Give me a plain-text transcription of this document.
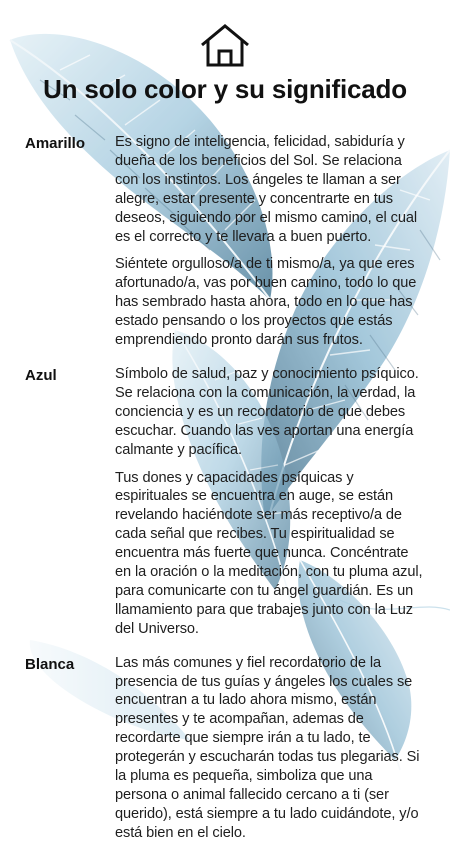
Un solo color y su significado
Amarillo	Es signo de inteligencia, felicidad, sabiduría y dueña de los beneficios del Sol. Se relaciona con los instintos. Los ángeles te llaman a ser alegre, estar presente y concentrarte en tus deseos, siguiendo por el mismo camino, el cual es el correcto y te llevara a buen puerto.

Siéntete orgulloso/a de ti mismo/a, ya que eres afortunado/a, vas por buen camino, todo lo que has sembrado hasta ahora, todo en lo que has estado pensando o los proyectos que estás emprendiendo pronto darán sus frutos.

Azul	Símbolo de salud, paz y conocimiento psíquico. Se relaciona con la comunicación, la verdad, la conciencia y es un recordatorio de que debes escuchar. Cuando las ves aportan una energía calmante y pacífica.

Tus dones y capacidades psíquicas y espirituales se encuentra en auge, se están revelando haciéndote ser más receptivo/a de cada señal que recibes. Tu espiritualidad se encuentra más fuerte que nunca. Concéntrate en la oración o la meditación, con tu pluma azul, para comunicarte con tu ángel guardián. Es un llamamiento para que trabajes junto con la Luz del Universo.

Blanca	Las más comunes y fiel recordatorio de la presencia de tus guías y ángeles los cuales se encuentran a tu lado ahora mismo, están presentes y te acompañan, ademas de recordarte que siempre irán a tu lado, te protegerán y escucharán todas tus plegarias. Si la pluma es pequeña, simboliza que una persona o animal fallecido cercano a ti (ser querido), está siempre a tu lado cuidándote, y/o está bien en el cielo.
